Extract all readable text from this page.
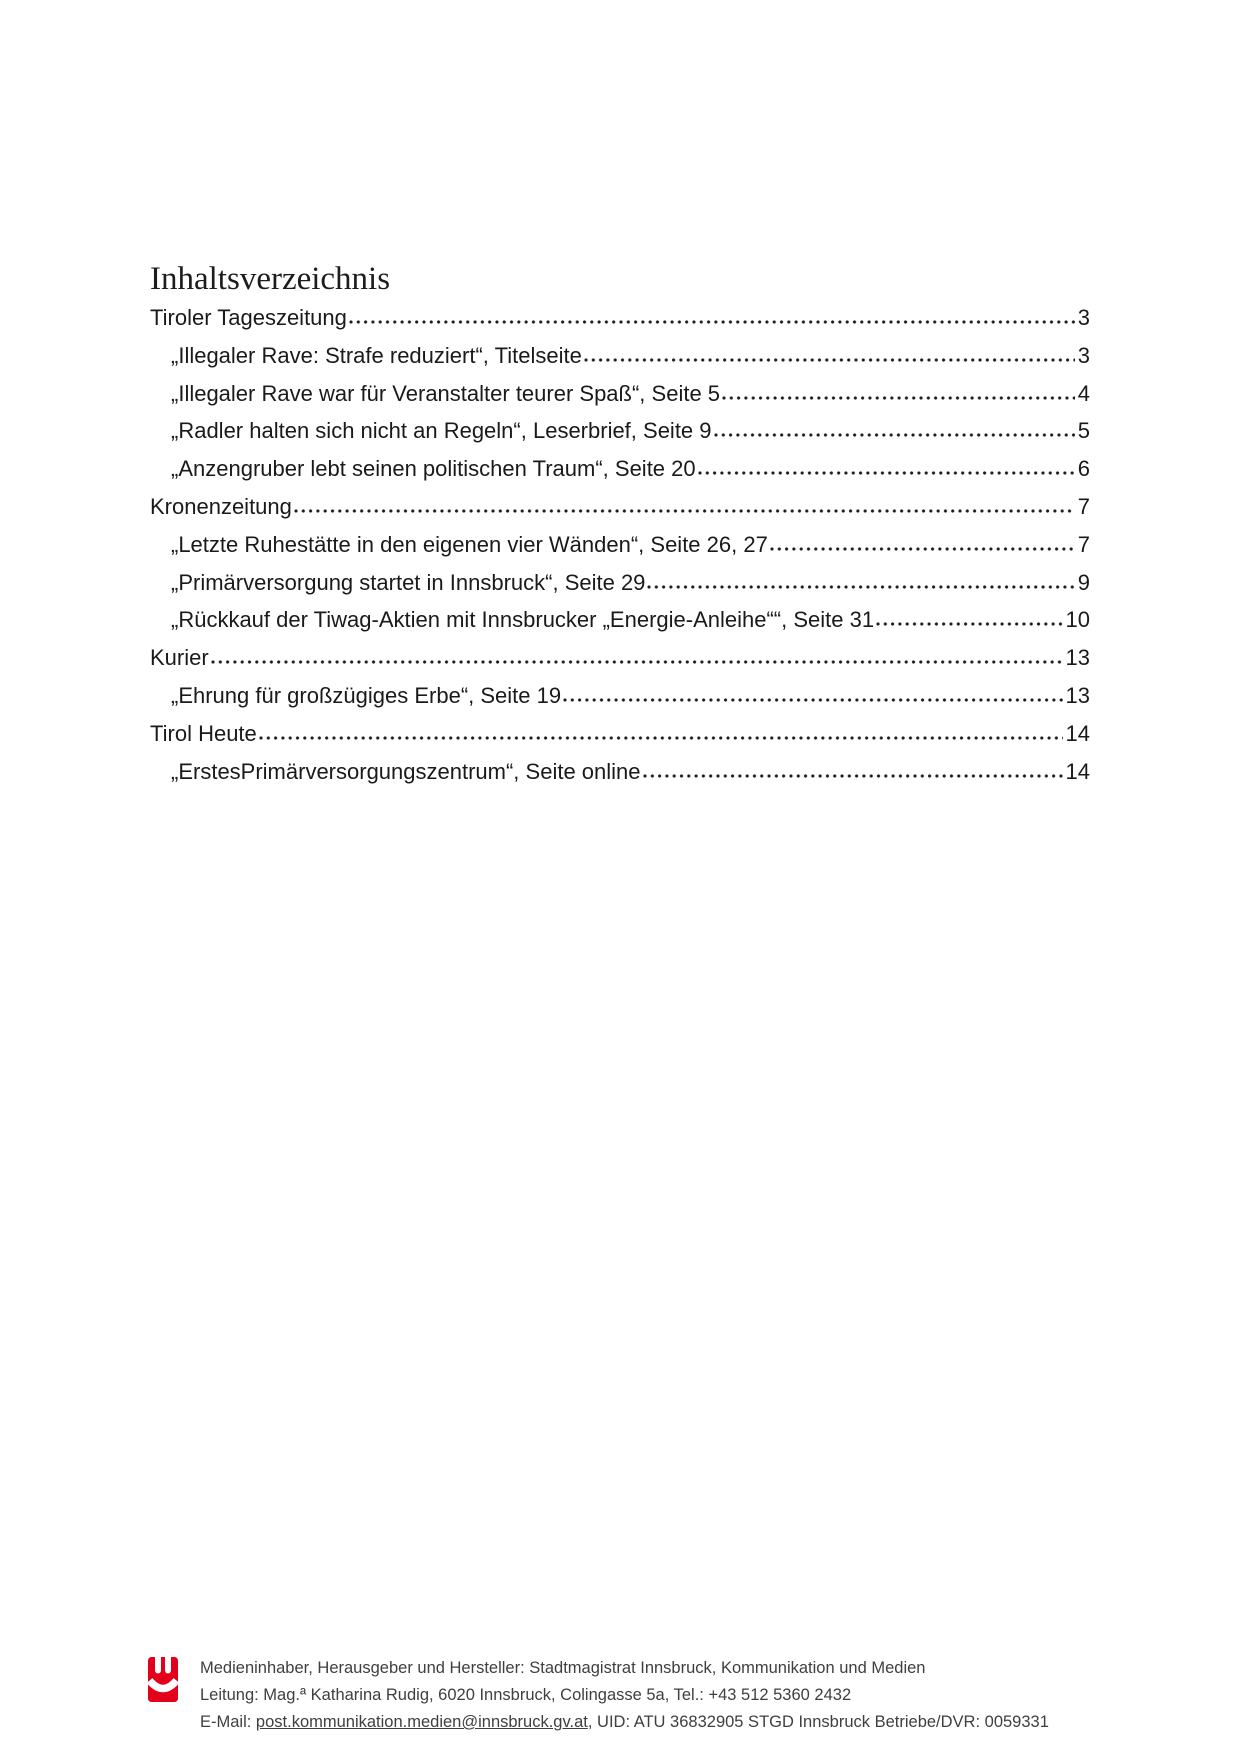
Inhaltsverzeichnis
Tiroler Tageszeitung	3
„Illegaler Rave: Strafe reduziert“, Titelseite	3
„Illegaler Rave war für Veranstalter teurer Spaß“, Seite 5	4
„Radler halten sich nicht an Regeln“, Leserbrief, Seite 9	5
„Anzengruber lebt seinen politischen Traum“, Seite 20	6
Kronenzeitung	7
„Letzte Ruhestätte in den eigenen vier Wänden“, Seite 26, 27	7
„Primärversorgung startet in Innsbruck“, Seite 29	9
„Rückkauf der Tiwag-Aktien mit Innsbrucker „Energie-Anleihe““, Seite 31	10
Kurier	13
„Ehrung für großzügiges Erbe“, Seite 19	13
Tirol Heute	14
„ErstesPrimärversorgungszentrum“, Seite online	14

Medieninhaber, Herausgeber und Hersteller: Stadtmagistrat Innsbruck, Kommunikation und Medien

Leitung: Mag.ª Katharina Rudig, 6020 Innsbruck, Colingasse 5a, Tel.: +43 512 5360 2432

E-Mail: post.kommunikation.medien@innsbruck.gv.at, UID: ATU 36832905 STGD Innsbruck Betriebe/DVR: 0059331
